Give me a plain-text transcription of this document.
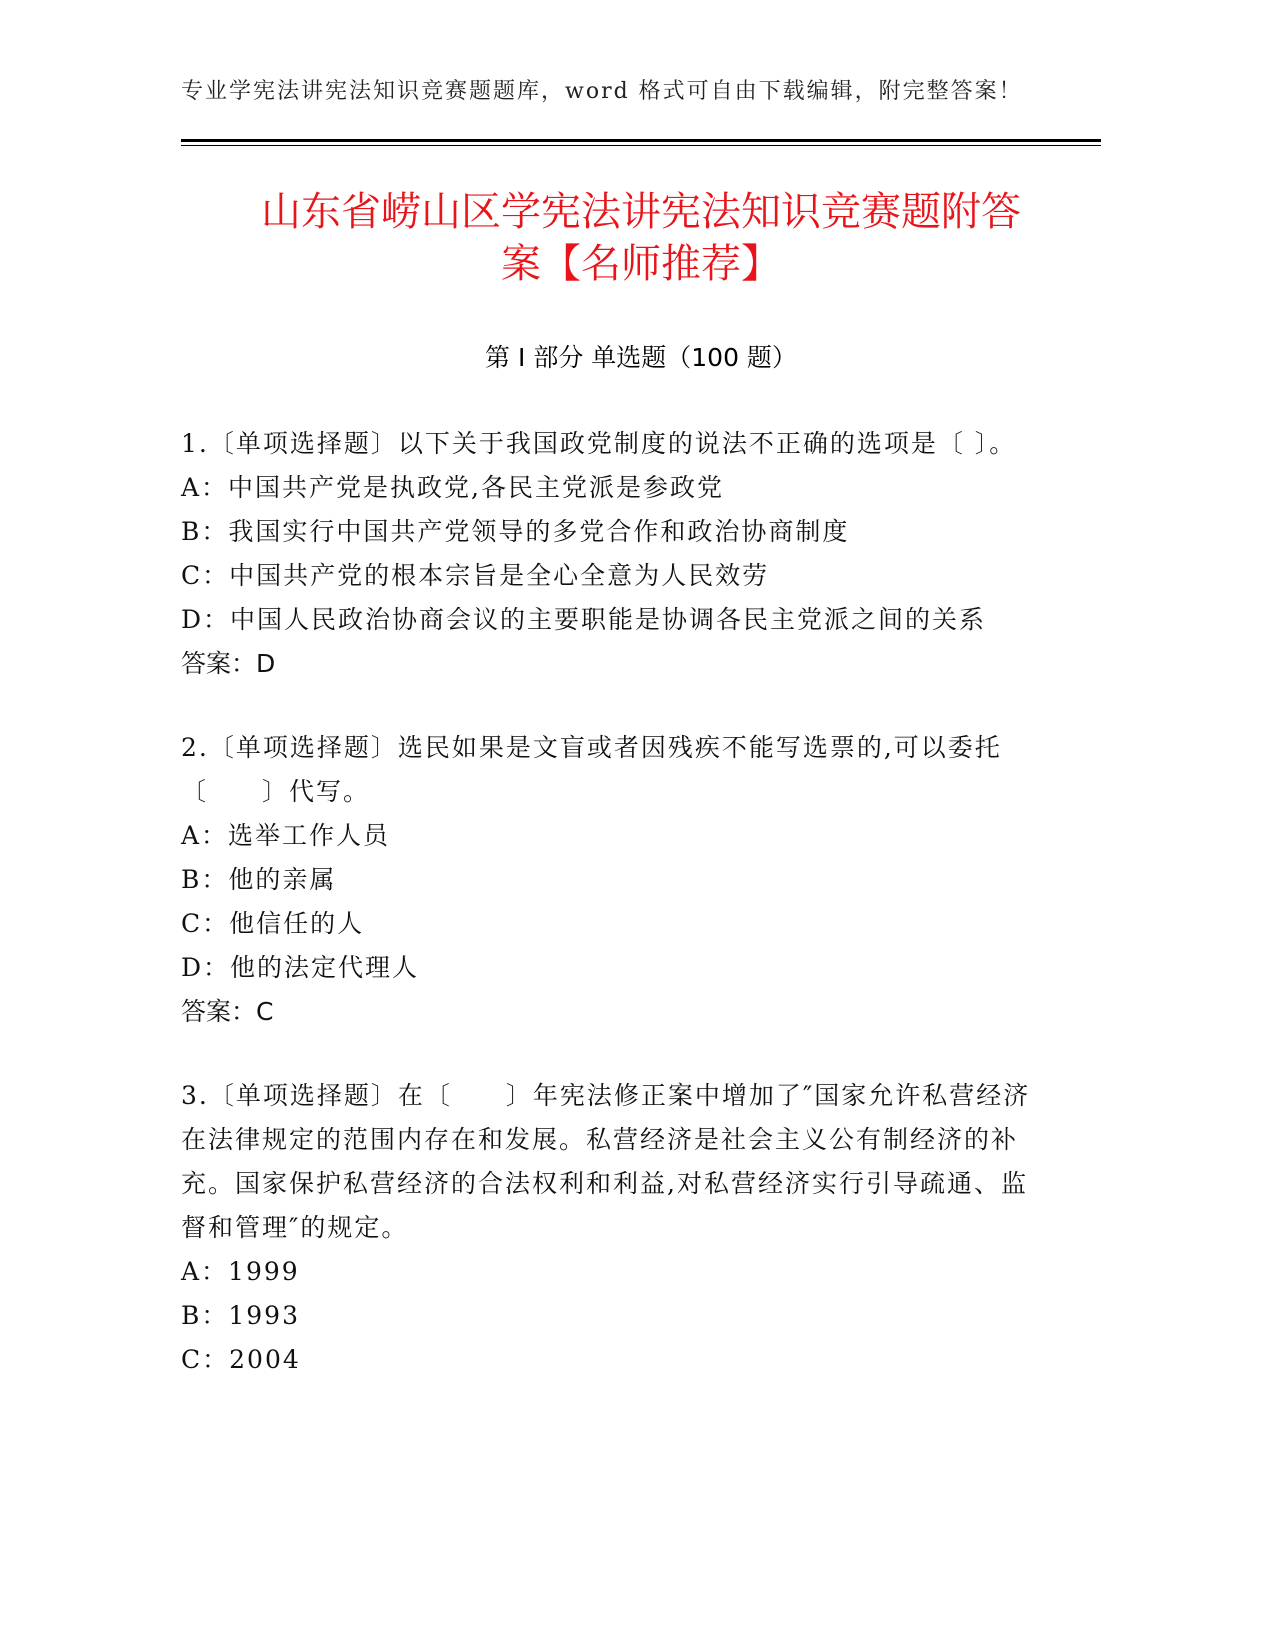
专业学宪法讲宪法知识竞赛题题库，word 格式可自由下载编辑，附完整答案！
山东省崂山区学宪法讲宪法知识竞赛题附答
案【名师推荐】
第 I 部分 单选题（100 题）

1.〔单项选择题〕以下关于我国政党制度的说法不正确的选项是〔 〕。

A：中国共产党是执政党,各民主党派是参政党

B：我国实行中国共产党领导的多党合作和政治协商制度

C：中国共产党的根本宗旨是全心全意为人民效劳

D：中国人民政治协商会议的主要职能是协调各民主党派之间的关系

答案：D

2.〔单项选择题〕选民如果是文盲或者因残疾不能写选票的,可以委托〔　　〕代写。

A：选举工作人员

B：他的亲属

C：他信任的人

D：他的法定代理人

答案：C

3.〔单项选择题〕在〔　　〕年宪法修正案中增加了″国家允许私营经济在法律规定的范围内存在和发展。私营经济是社会主义公有制经济的补充。国家保护私营经济的合法权利和利益,对私营经济实行引导疏通、监督和管理″的规定。

A：1999

B：1993

C：2004
